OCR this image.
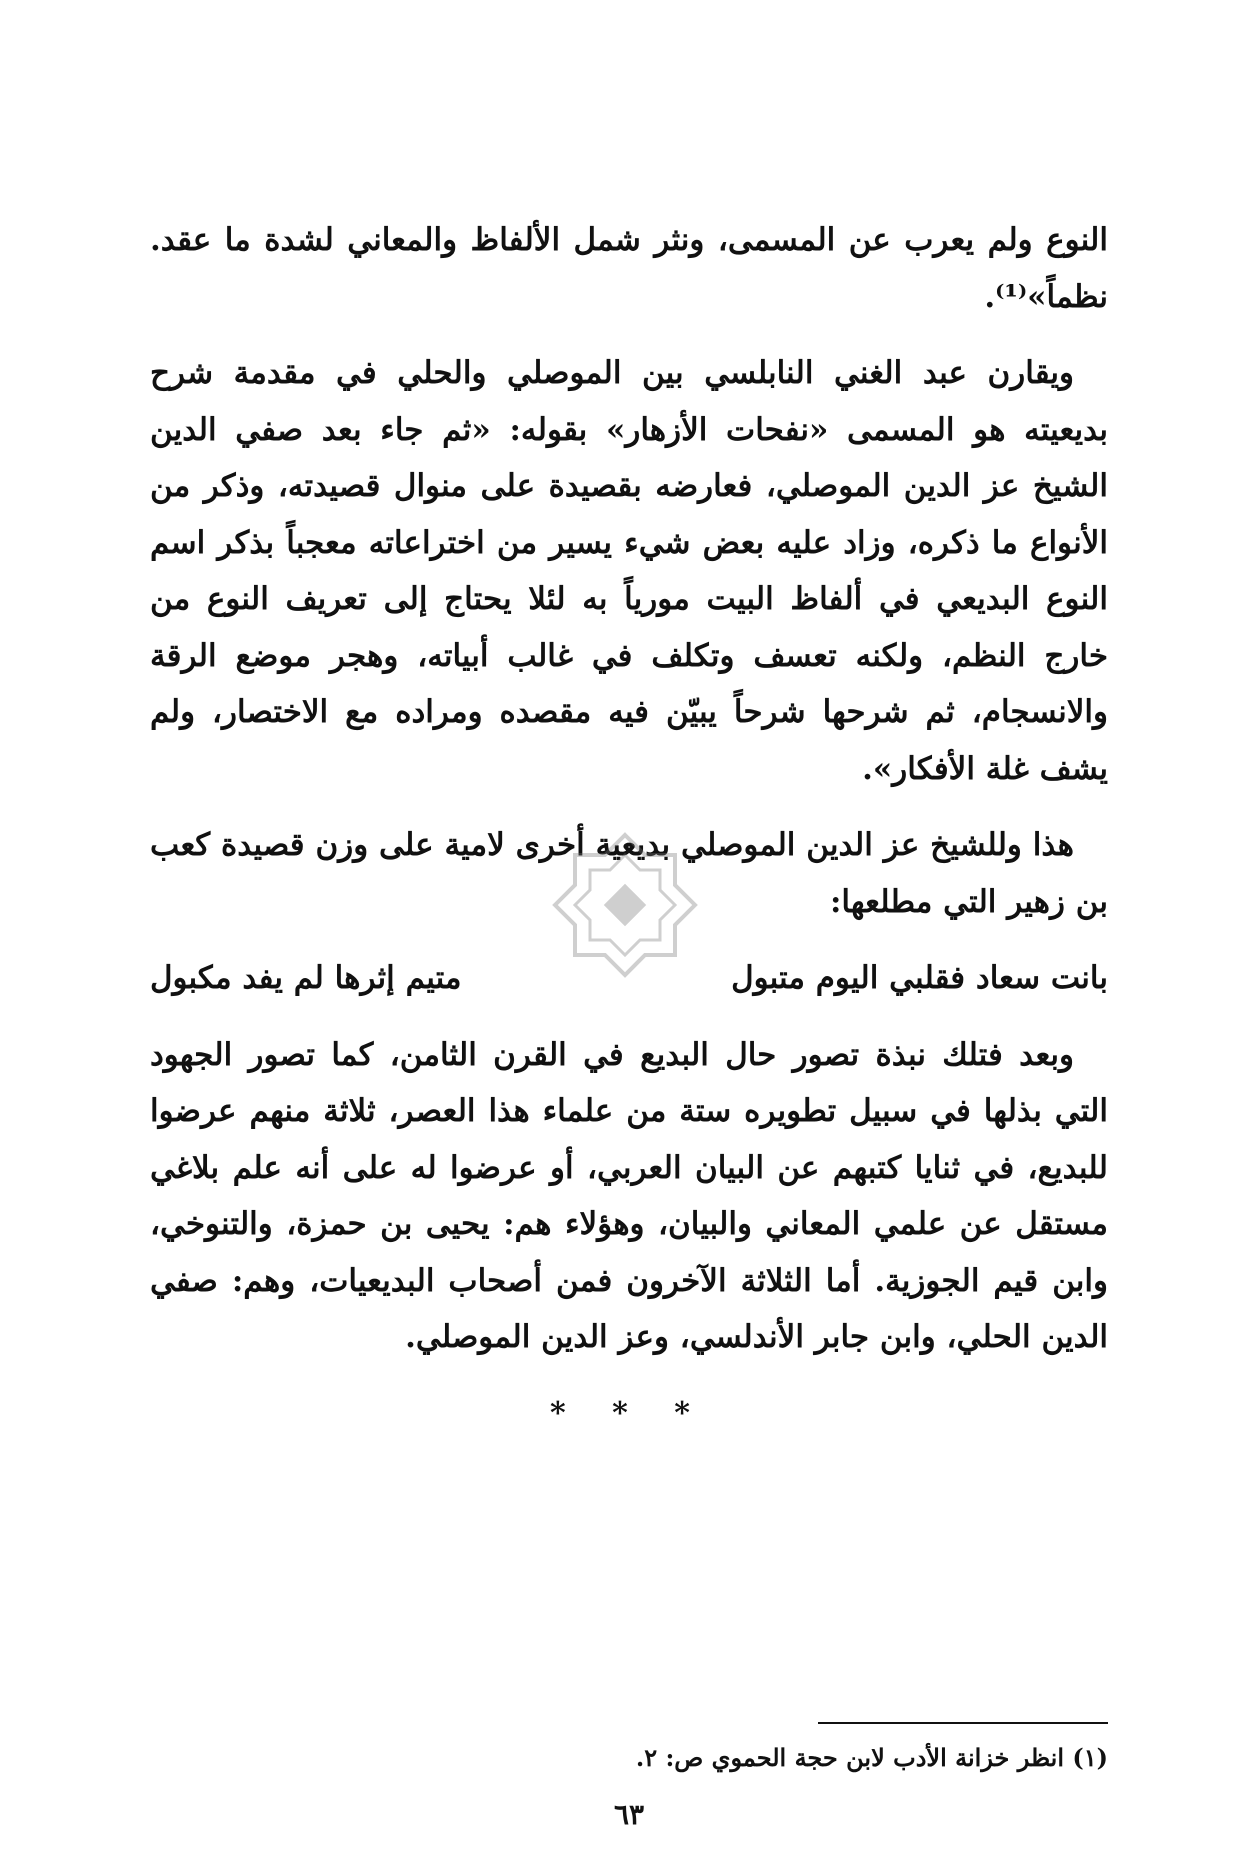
النوع ولم يعرب عن المسمى، ونثر شمل الألفاظ والمعاني لشدة ما عقد. نظماً»⁽¹⁾.

ويقارن عبد الغني النابلسي بين الموصلي والحلي في مقدمة شرح بديعيته هو المسمى «نفحات الأزهار» بقوله: «ثم جاء بعد صفي الدين الشيخ عز الدين الموصلي، فعارضه بقصيدة على منوال قصيدته، وذكر من الأنواع ما ذكره، وزاد عليه بعض شيء يسير من اختراعاته معجباً بذكر اسم النوع البديعي في ألفاظ البيت مورياً به لئلا يحتاج إلى تعريف النوع من خارج النظم، ولكنه تعسف وتكلف في غالب أبياته، وهجر موضع الرقة والانسجام، ثم شرحها شرحاً يبيّن فيه مقصده ومراده مع الاختصار، ولم يشف غلة الأفكار».

هذا وللشيخ عز الدين الموصلي بديعية أخرى لامية على وزن قصيدة كعب بن زهير التي مطلعها:

بانت سعاد فقلبي اليوم متبول
متيم إثرها لم يفد مكبول

وبعد فتلك نبذة تصور حال البديع في القرن الثامن، كما تصور الجهود التي بذلها في سبيل تطويره ستة من علماء هذا العصر، ثلاثة منهم عرضوا للبديع، في ثنايا كتبهم عن البيان العربي، أو عرضوا له على أنه علم بلاغي مستقل عن علمي المعاني والبيان، وهؤلاء هم: يحيى بن حمزة، والتنوخي، وابن قيم الجوزية. أما الثلاثة الآخرون فمن أصحاب البديعيات، وهم: صفي الدين الحلي، وابن جابر الأندلسي، وعز الدين الموصلي.

* * *
(١) انظر خزانة الأدب لابن حجة الحموي ص: ٢.
٦٣
